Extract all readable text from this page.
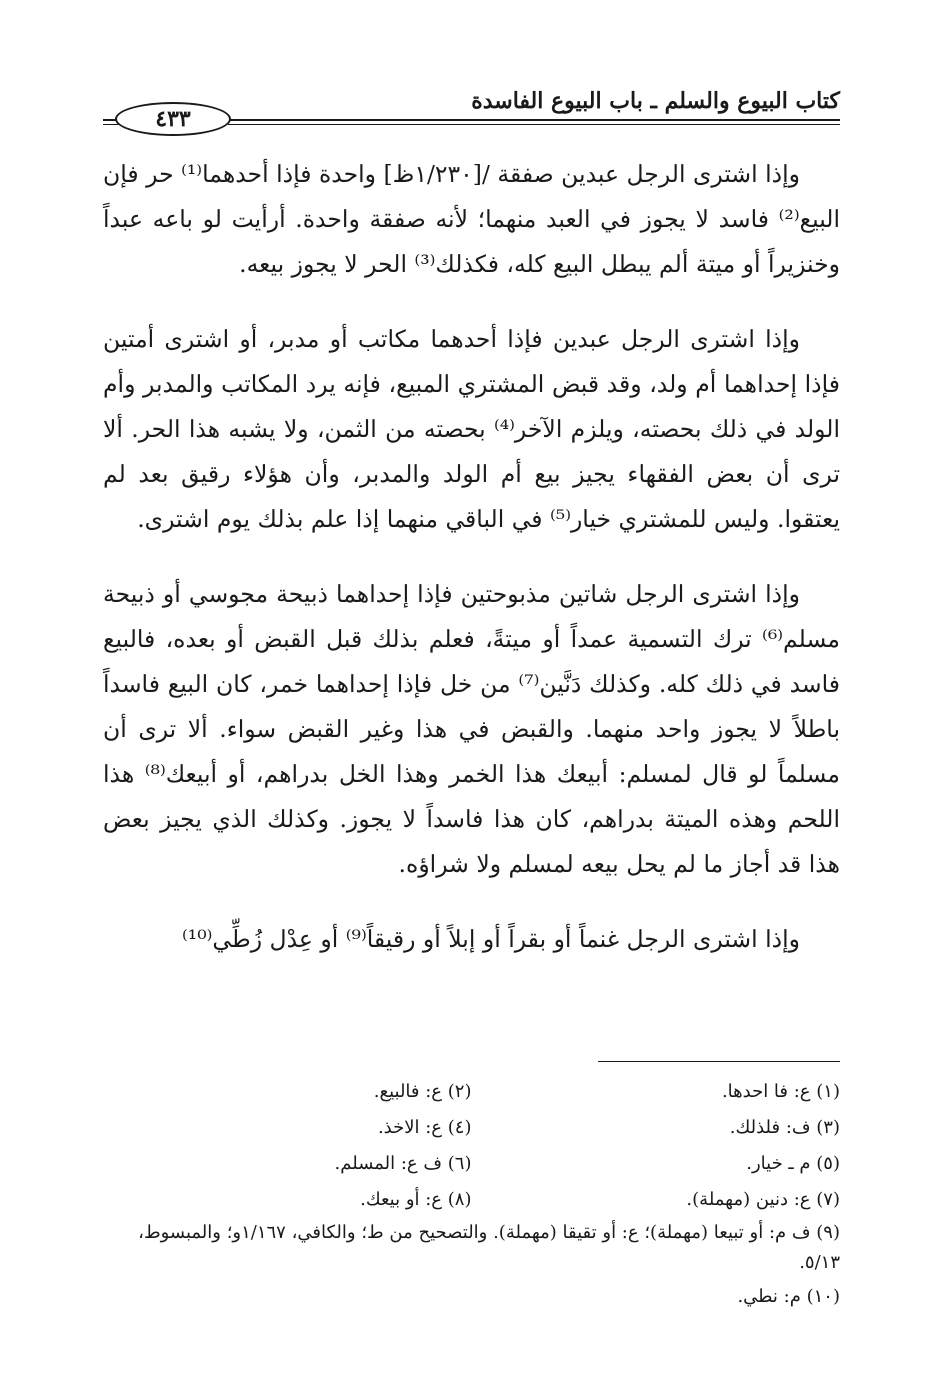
كتاب البيوع والسلم ـ باب البيوع الفاسدة
٤٣٣

وإذا اشترى الرجل عبدين صفقة /[١/٢٣٠ظ] واحدة فإذا أحدهما⁽¹⁾ حر فإن البيع⁽²⁾ فاسد لا يجوز في العبد منهما؛ لأنه صفقة واحدة. أرأيت لو باعه عبداً وخنزيراً أو ميتة ألم يبطل البيع كله، فكذلك⁽³⁾ الحر لا يجوز بيعه.

وإذا اشترى الرجل عبدين فإذا أحدهما مكاتب أو مدبر، أو اشترى أمتين فإذا إحداهما أم ولد، وقد قبض المشتري المبيع، فإنه يرد المكاتب والمدبر وأم الولد في ذلك بحصته، ويلزم الآخر⁽⁴⁾ بحصته من الثمن، ولا يشبه هذا الحر. ألا ترى أن بعض الفقهاء يجيز بيع أم الولد والمدبر، وأن هؤلاء رقيق بعد لم يعتقوا. وليس للمشتري خيار⁽⁵⁾ في الباقي منهما إذا علم بذلك يوم اشترى.

وإذا اشترى الرجل شاتين مذبوحتين فإذا إحداهما ذبيحة مجوسي أو ذبيحة مسلم⁽⁶⁾ ترك التسمية عمداً أو ميتةً، فعلم بذلك قبل القبض أو بعده، فالبيع فاسد في ذلك كله. وكذلك دَنَّين⁽⁷⁾ من خل فإذا إحداهما خمر، كان البيع فاسداً باطلاً لا يجوز واحد منهما. والقبض في هذا وغير القبض سواء. ألا ترى أن مسلماً لو قال لمسلم: أبيعك هذا الخمر وهذا الخل بدراهم، أو أبيعك⁽⁸⁾ هذا اللحم وهذه الميتة بدراهم، كان هذا فاسداً لا يجوز. وكذلك الذي يجيز بعض هذا قد أجاز ما لم يحل بيعه لمسلم ولا شراؤه.

وإذا اشترى الرجل غنماً أو بقراً أو إبلاً أو رقيقاً⁽⁹⁾ أو عِدْل زُطِّي⁽¹⁰⁾

(١) ع: فا احدها.
(٢) ع: فالبيع.
(٣) ف: فلذلك.
(٤) ع: الاخذ.
(٥) م ـ خيار.
(٦) ف ع: المسلم.
(٧) ع: دنين (مهملة).
(٨) ع: أو بيعك.
(٩) ف م: أو تبيعا (مهملة)؛ ع: أو تقيقا (مهملة). والتصحيح من ط؛ والكافي، ١/١٦٧و؛ والمبسوط، ٥/١٣.
(١٠) م: نطي.
